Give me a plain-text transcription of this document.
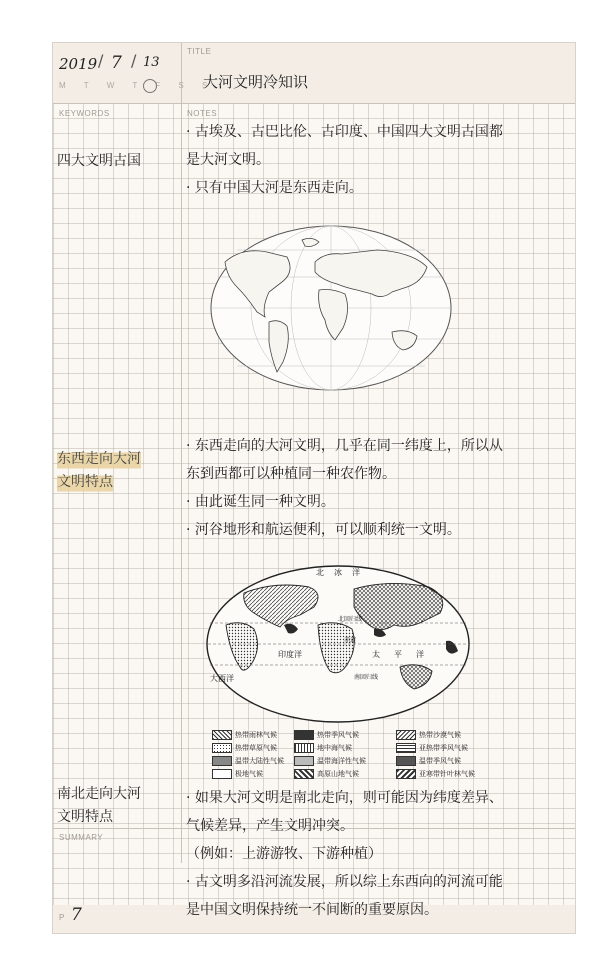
2019 / 7 / 13
M T W T F S S
TITLE
大河文明冷知识
KEYWORDS	NOTES
SUMMARY
P 7
四大文明古国
东西走向大河
文明特点
南北走向大河
文明特点
· 古埃及、古巴比伦、古印度、中国四大文明古国都
是大河文明。
· 只有中国大河是东西走向。
· 东西走向的大河文明，几乎在同一纬度上，所以从
东到西都可以种植同一种农作物。
· 由此诞生同一种文明。
· 河谷地形和航运便利，可以顺利统一文明。
北 冰 洋
北回归线
赤道
南回归线
印度洋	太 平 洋
大西洋
热带雨林气候	热带季风气候	热带沙漠气候
热带草原气候	地中海气候	亚热带季风气候
温带大陆性气候	温带海洋性气候	温带季风气候
极地气候	高原山地气候	亚寒带针叶林气候
· 如果大河文明是南北走向，则可能因为纬度差异、
气候差异，产生文明冲突。
（例如：上游游牧、下游种植）
· 古文明多沿河流发展，所以综上东西向的河流可能
是中国文明保持统一不间断的重要原因。
